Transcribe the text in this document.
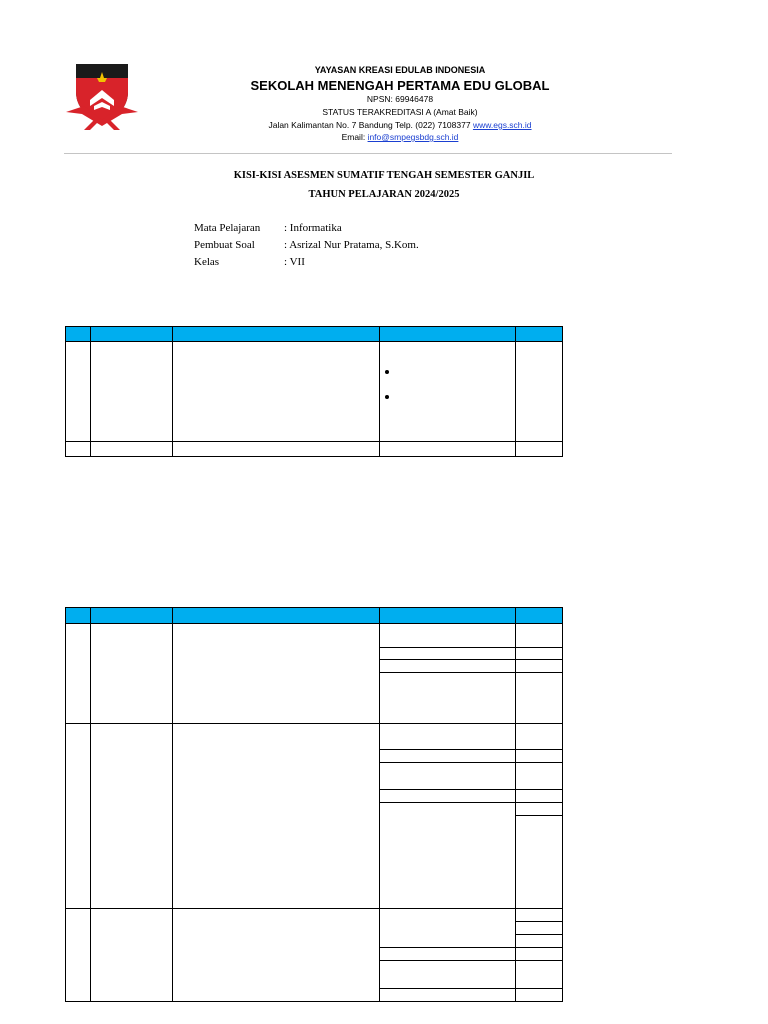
YAYASAN KREASI EDULAB INDONESIA
SEKOLAH MENENGAH PERTAMA EDU GLOBAL
NPSN: 69946478
STATUS TERAKREDITASI A (Amat Baik)
Jalan Kalimantan No. 7 Bandung Telp. (022) 7108377 www.egs.sch.id
Email: info@smpegsbdg.sch.id
KISI-KISI ASESMEN SUMATIF TENGAH SEMESTER GANJIL
TAHUN PELAJARAN 2024/2025
Mata Pelajaran	: Informatika
Pembuat Soal	: Asrizal Nur Pratama, S.Kom.
Kelas	: VII
